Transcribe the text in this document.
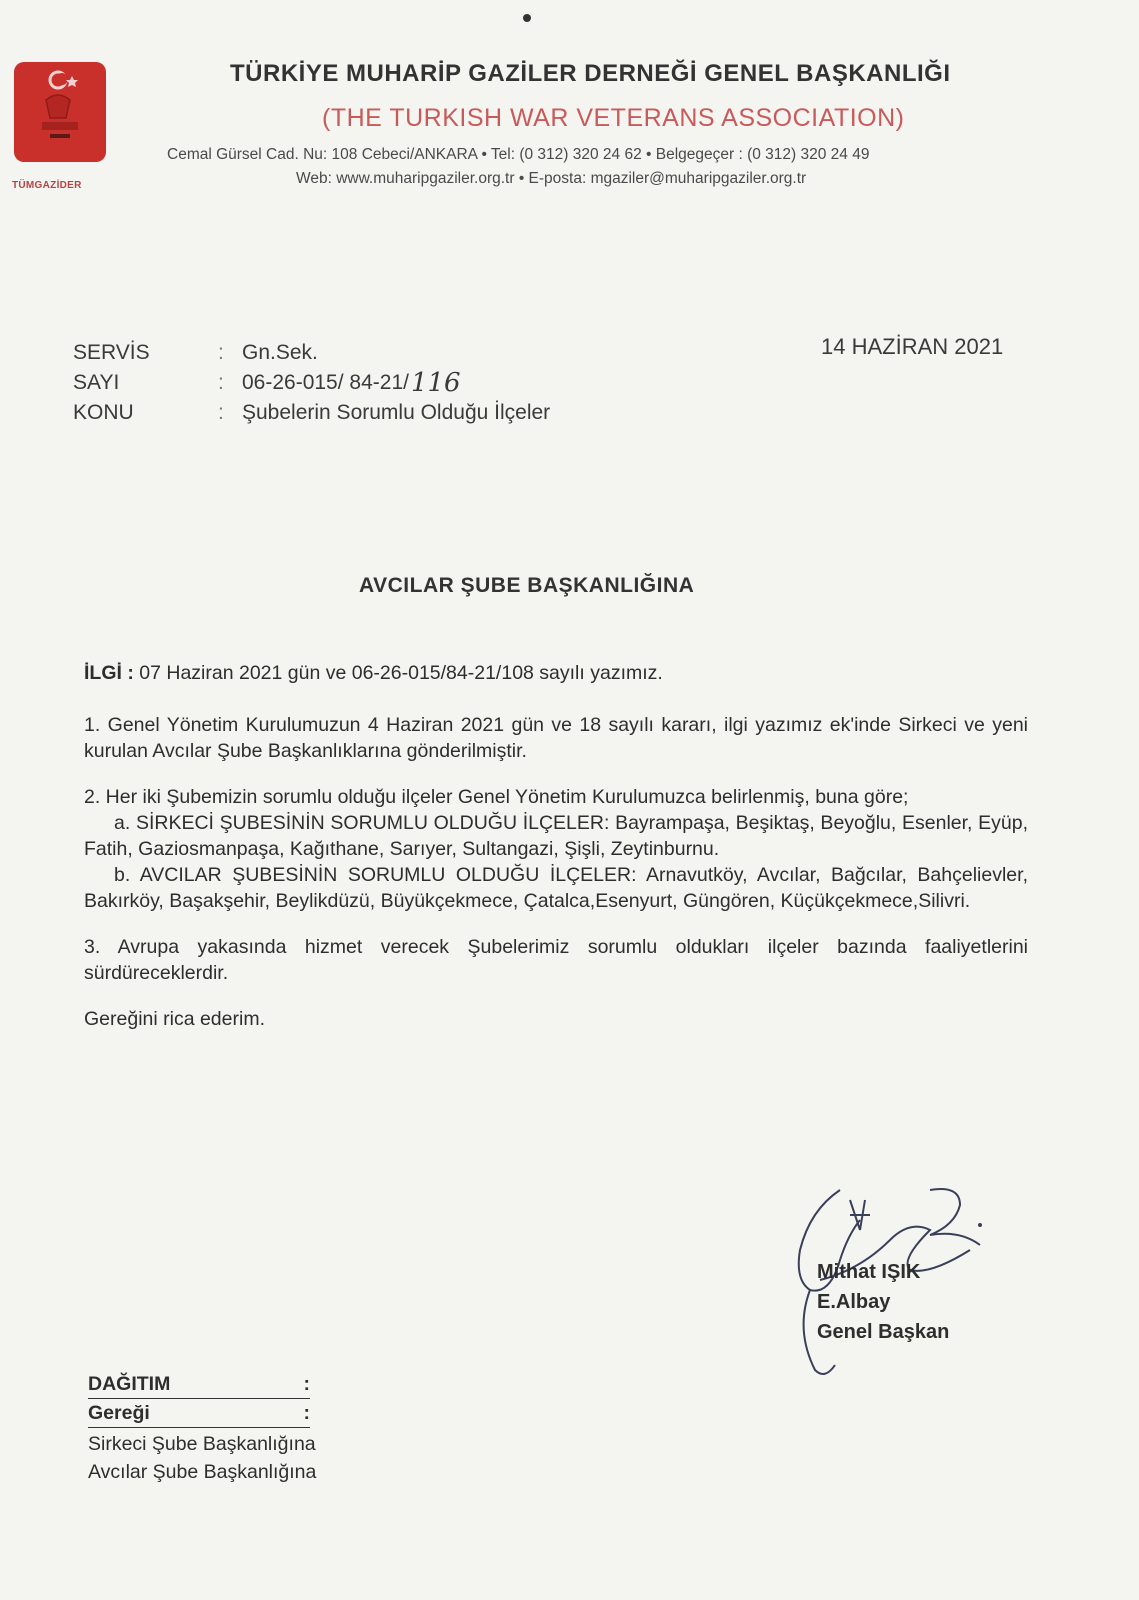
TÜMGAZİDER
TÜRKİYE MUHARİP GAZİLER DERNEĞİ GENEL BAŞKANLIĞI
(THE TURKISH WAR VETERANS ASSOCIATION)
Cemal Gürsel Cad. Nu: 108 Cebeci/ANKARA • Tel: (0 312) 320 24 62 • Belgegeçer : (0 312) 320 24 49
Web: www.muharipgaziler.org.tr • E-posta: mgaziler@muharipgaziler.org.tr
SERVİS	: Gn.Sek.
SAYI	: 06-26-015/ 84-21/ 116
KONU	: Şubelerin Sorumlu Olduğu İlçeler
14 HAZİRAN 2021
AVCILAR ŞUBE BAŞKANLIĞINA
İLGİ : 07 Haziran 2021 gün ve 06-26-015/84-21/108 sayılı yazımız.

1. Genel Yönetim Kurulumuzun 4 Haziran 2021 gün ve 18 sayılı kararı, ilgi yazımız ek'inde Sirkeci ve yeni kurulan Avcılar Şube Başkanlıklarına gönderilmiştir.

2. Her iki Şubemizin sorumlu olduğu ilçeler Genel Yönetim Kurulumuzca belirlenmiş, buna göre;
a. SİRKECİ ŞUBESİNİN SORUMLU OLDUĞU İLÇELER: Bayrampaşa, Beşiktaş, Beyoğlu, Esenler, Eyüp, Fatih, Gaziosmanpaşa, Kağıthane, Sarıyer, Sultangazi, Şişli, Zeytinburnu.
b. AVCILAR ŞUBESİNİN SORUMLU OLDUĞU İLÇELER: Arnavutköy, Avcılar, Bağcılar, Bahçelievler, Bakırköy, Başakşehir, Beylikdüzü, Büyükçekmece, Çatalca,Esenyurt, Güngören, Küçükçekmece,Silivri.

3. Avrupa yakasında hizmet verecek Şubelerimiz sorumlu oldukları ilçeler bazında faaliyetlerini sürdüreceklerdir.

Gereğini rica ederim.

Mithat IŞIK
E.Albay
Genel Başkan
DAĞITIM	:
Gereği	:
Sirkeci Şube Başkanlığına
Avcılar Şube Başkanlığına
